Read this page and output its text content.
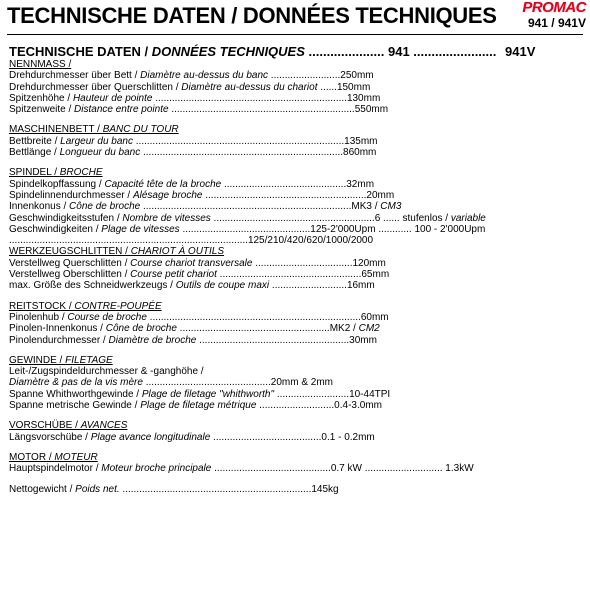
TECHNISCHE DATEN / DONNÉES TECHNIQUES PROMAC
941 / 941V
TECHNISCHE DATEN / DONNÉES TECHNIQUES ..................... 941 ....................... 941V
NENNMASS /
Drehdurchmesser über Bett / Diamètre au-dessus du banc .........................250mm
Drehdurchmesser über Querschlitten / Diamètre au-dessus du chariot ......150mm
Spitzenhöhe / Hauteur de pointe .....................................................................130mm
Spitzenweite / Distance entre pointe ..................................................................550mm
MASCHINENBETT / BANC DU TOUR
Bettbreite / Largeur du banc ...........................................................................135mm
Bettlänge / Longueur du banc ........................................................................860mm
SPINDEL / BROCHE
Spindelkopffassung / Capacité tête de la broche ............................................32mm
Spindelinnendurchmesser / Alésage broche ..........................................................20mm
Innenkonus / Cône de broche ...........................................................................MK3 / CM3
Geschwindigkeitsstufen / Nombre de vitesses ..........................................................6 ...... stufenlos / variable
Geschwindigkeiten / Plage de vitesses ..............................................125-2'000Upm ............ 100 - 2'000Upm
......................................................................................125/210/420/620/1000/2000
WERKZEUGSCHLITTEN / CHARIOT À OUTILS
Verstellweg Querschlitten / Course chariot transversale ...................................120mm
Verstellweg Oberschlitten / Course petit chariot ...................................................65mm
max. Größe des Schneidwerkzeugs / Outils de coupe maxi ...........................16mm
REITSTOCK / CONTRE-POUPÉE
Pinolenhub / Course de broche ............................................................................60mm
Pinolen-Innenkonus / Cône de broche ......................................................MK2 / CM2
Pinolendurchmesser / Diamètre de broche ......................................................30mm
GEWINDE / FILETAGE
Leit-/Zugspindeldurchmesser & -ganghöhe /
Diamètre & pas de la vis mère .............................................20mm & 2mm
Spanne Whithworthgewinde / Plage de filetage "whithworth" ..........................10-44TPI
Spanne metrische Gewinde / Plage de filetage métrique ...........................0.4-3.0mm
VORSCHÜBE / AVANCES
Längsvorschübe / Plage avance longitudinale .......................................0.1 - 0.2mm
MOTOR / MOTEUR
Hauptspindelmotor / Moteur broche principale ..........................................0.7 kW ............................ 1.3kW
Nettogewicht / Poids net. ....................................................................145kg
